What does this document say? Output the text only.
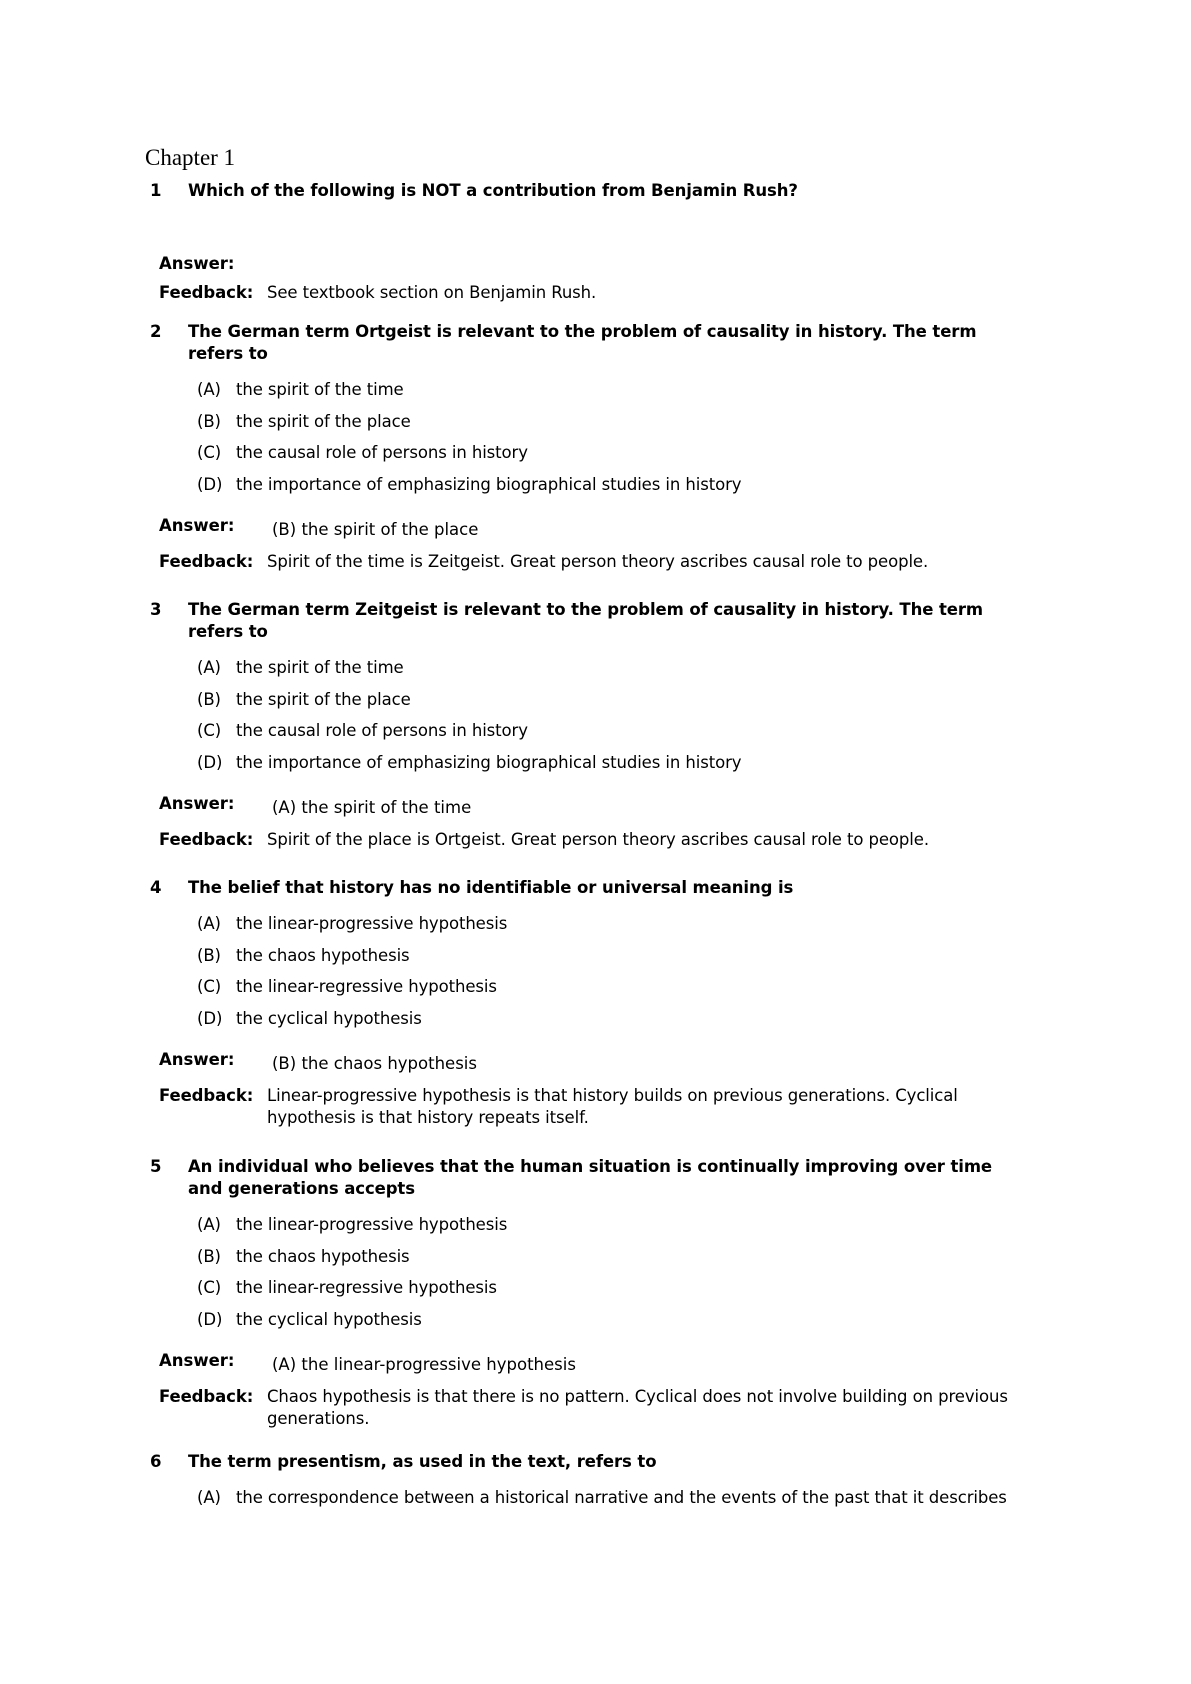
Chapter 1
1	Which of the following is NOT a contribution from Benjamin Rush?
Answer:
Feedback: See textbook section on Benjamin Rush.
2	The German term Ortgeist is relevant to the problem of causality in history. The term refers to
(A) the spirit of the time
(B) the spirit of the place
(C) the causal role of persons in history
(D) the importance of emphasizing biographical studies in history
Answer:	(B) the spirit of the place
Feedback: Spirit of the time is Zeitgeist. Great person theory ascribes causal role to people.
3	The German term Zeitgeist is relevant to the problem of causality in history. The term refers to
(A) the spirit of the time
(B) the spirit of the place
(C) the causal role of persons in history
(D) the importance of emphasizing biographical studies in history
Answer:	(A) the spirit of the time
Feedback: Spirit of the place is Ortgeist. Great person theory ascribes causal role to people.
4	The belief that history has no identifiable or universal meaning is
(A) the linear-progressive hypothesis
(B) the chaos hypothesis
(C) the linear-regressive hypothesis
(D) the cyclical hypothesis
Answer:	(B) the chaos hypothesis
Feedback: Linear-progressive hypothesis is that history builds on previous generations. Cyclical hypothesis is that history repeats itself.
5	An individual who believes that the human situation is continually improving over time and generations accepts
(A) the linear-progressive hypothesis
(B) the chaos hypothesis
(C) the linear-regressive hypothesis
(D) the cyclical hypothesis
Answer:	(A) the linear-progressive hypothesis
Feedback: Chaos hypothesis is that there is no pattern. Cyclical does not involve building on previous generations.
6	The term presentism, as used in the text, refers to
(A) the correspondence between a historical narrative and the events of the past that it describes
